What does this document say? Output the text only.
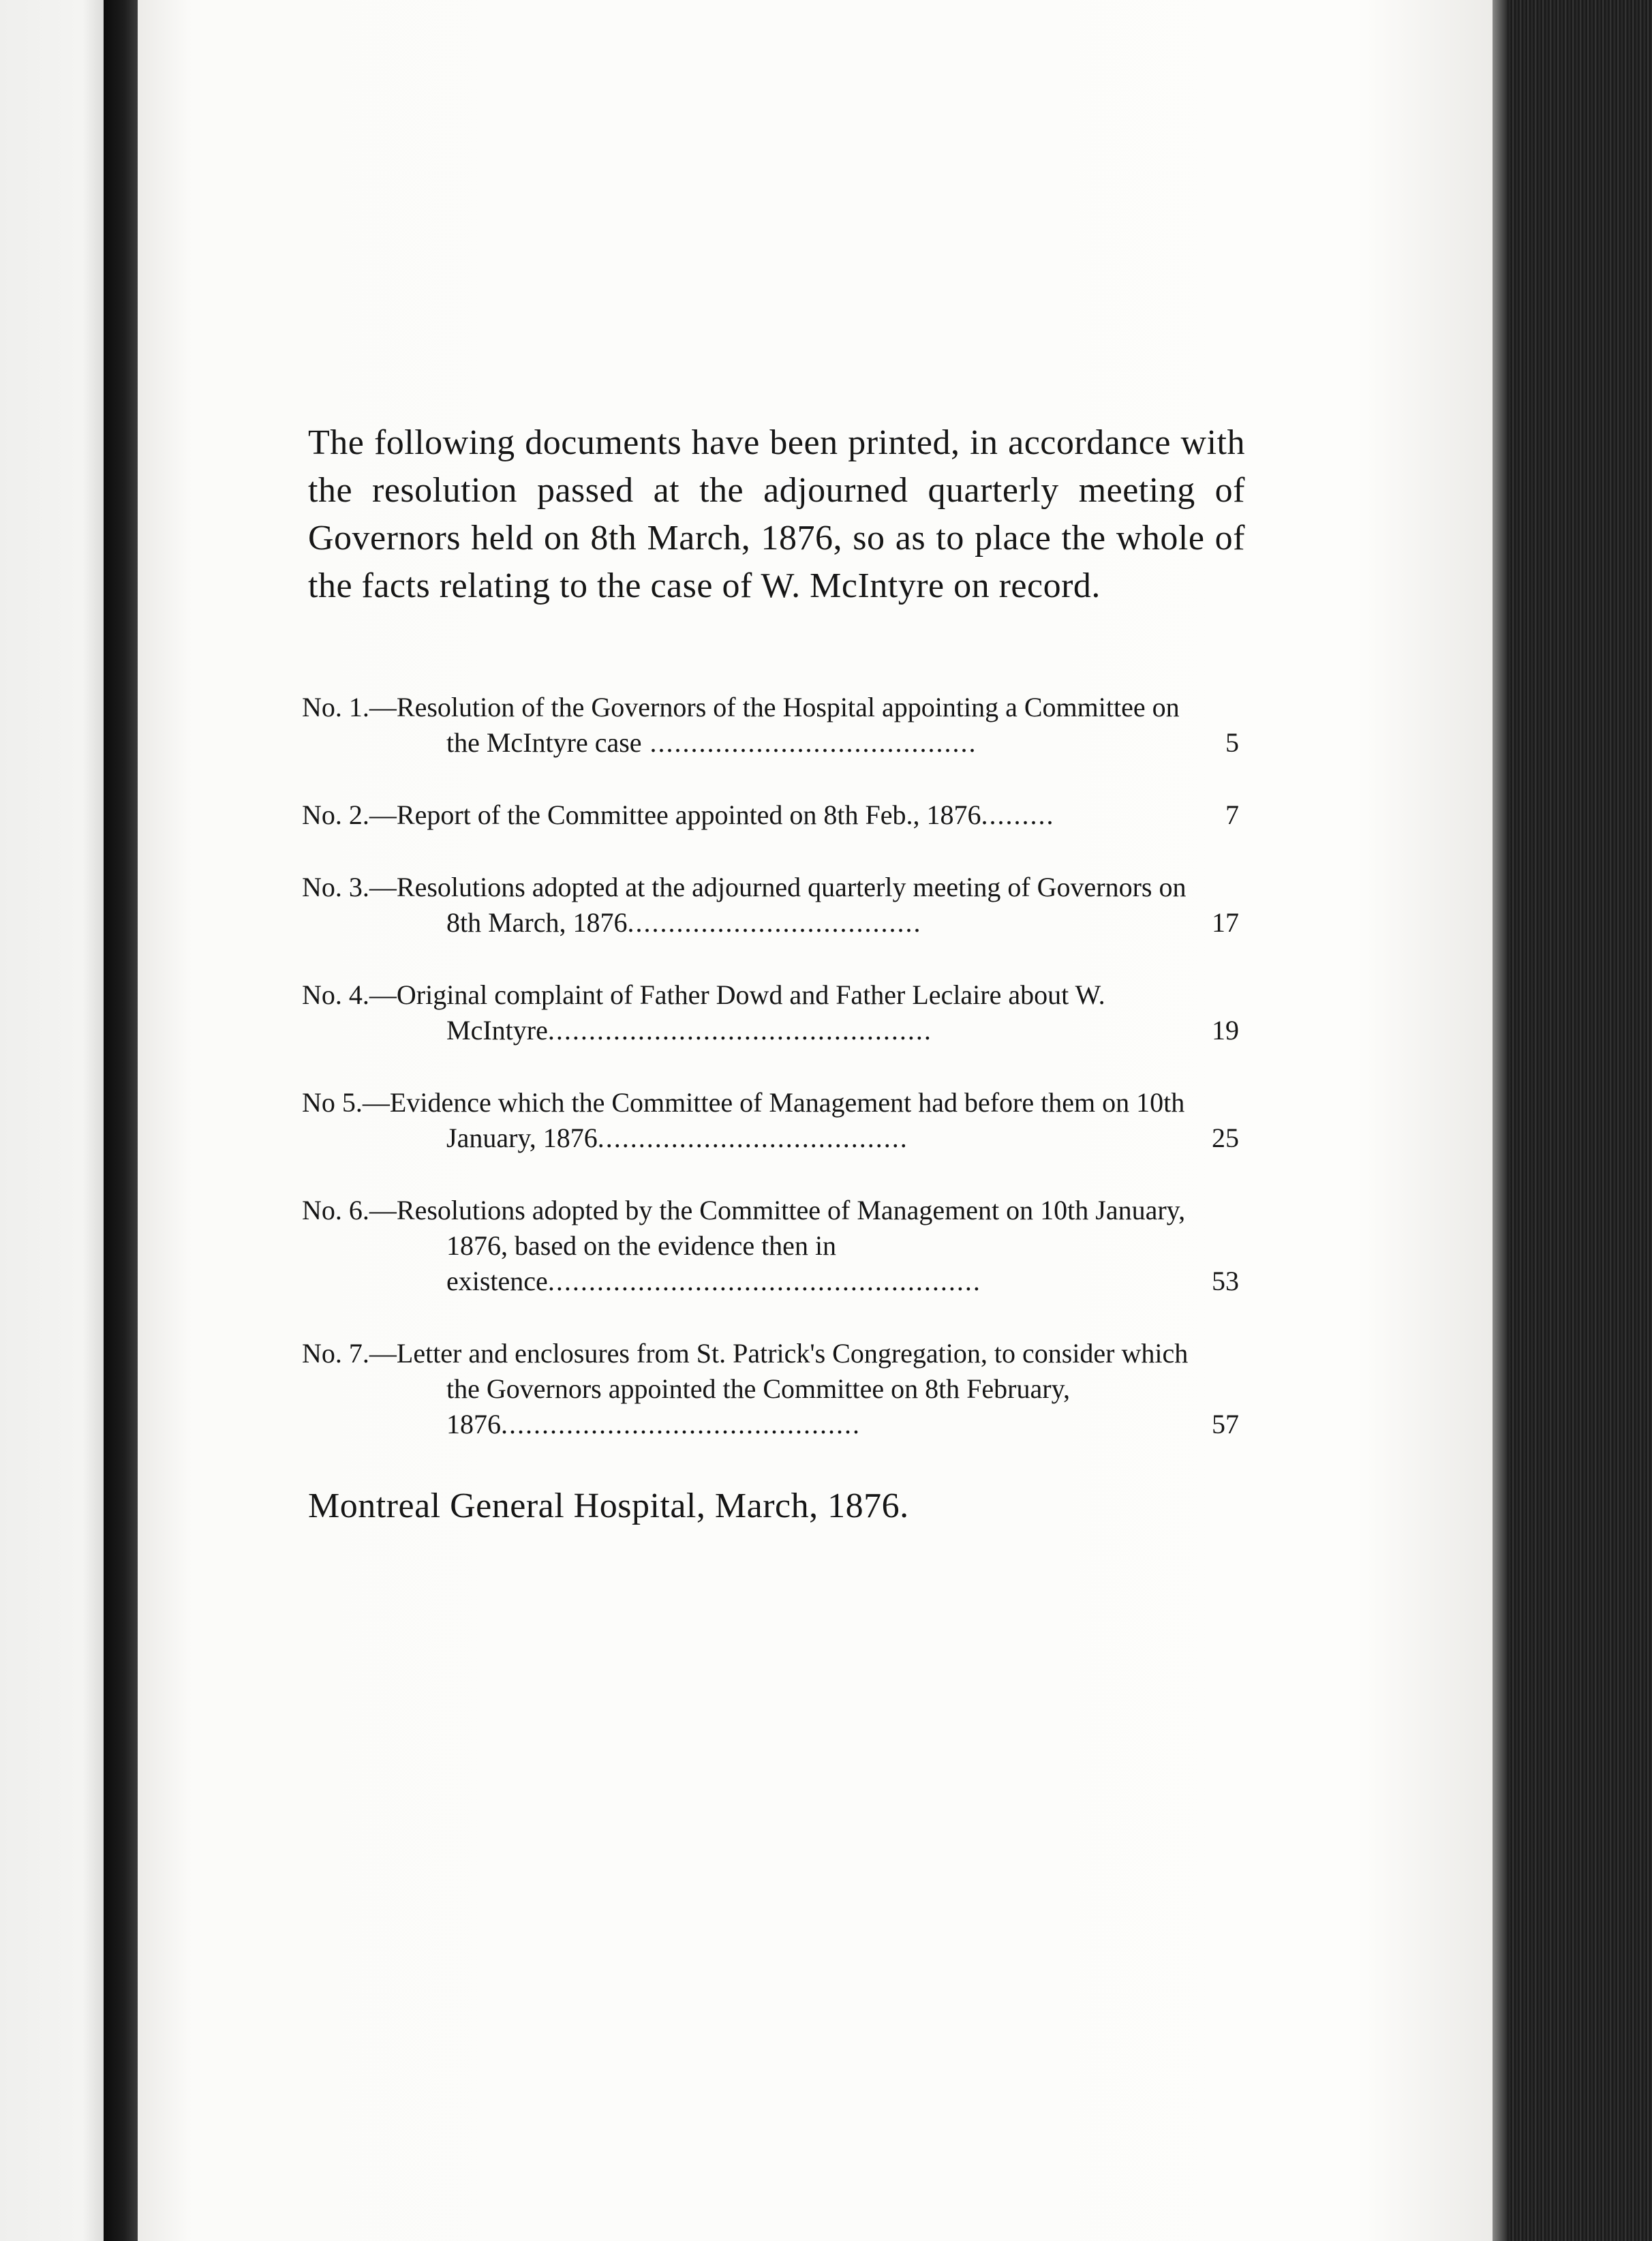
The following documents have been printed, in accordance with the resolution passed at the adjourned quarterly meeting of Governors held on 8th March, 1876, so as to place the whole of the facts relating to the case of W. McIntyre on record.

No. 1.—Resolution of the Governors of the Hospital appointing a Committee on the McIntyre case ........................................	5
No. 2.—Report of the Committee appointed on 8th Feb., 1876.........	7
No. 3.—Resolutions adopted at the adjourned quarterly meeting of Governors on 8th March, 1876....................................	17
No. 4.—Original complaint of Father Dowd and Father Leclaire about W. McIntyre...............................................	19
No 5.—Evidence which the Committee of Management had before them on 10th January, 1876......................................	25
No. 6.—Resolutions adopted by the Committee of Management on 10th January, 1876, based on the evidence then in existence.....................................................	53
No. 7.—Letter and enclosures from St. Patrick's Congregation, to consider which the Governors appointed the Committee on 8th February, 1876............................................	57

Montreal General Hospital, March, 1876.
